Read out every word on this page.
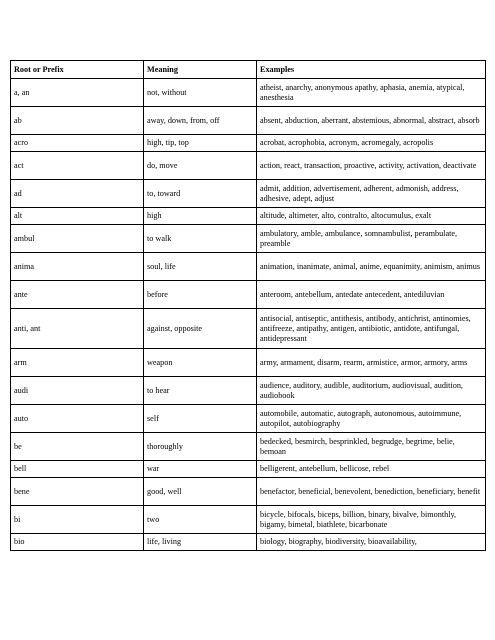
Root or Prefix	Meaning	Examples
a, an	not, without	atheist, anarchy, anonymous apathy, aphasia, anemia, atypical, anesthesia
ab	away, down, from, off	absent, abduction, aberrant, abstemious, abnormal, abstract, absorb
acro	high, tip, top	acrobat, acrophobia, acronym, acromegaly, acropolis
act	do, move	action, react, transaction, proactive, activity, activation, deactivate
ad	to, toward	admit, addition, advertisement, adherent, admonish, address, adhesive, adept, adjust
alt	high	altitude, altimeter, alto, contralto, altocumulus, exalt
ambul	to walk	ambulatory, amble, ambulance, somnambulist, perambulate, preamble
anima	soul, life	animation, inanimate, animal, anime, equanimity, animism, animus
ante	before	anteroom, antebellum, antedate antecedent, antediluvian
anti, ant	against, opposite	antisocial, antiseptic, antithesis, antibody, antichrist, antinomies, antifreeze, antipathy, antigen, antibiotic, antidote, antifungal, antidepressant
arm	weapon	army, armament, disarm, rearm, armistice, armor, armory, arms
audi	to hear	audience, auditory, audible, auditorium, audiovisual, audition, audiobook
auto	self	automobile, automatic, autograph, autonomous, autoimmune, autopilot, autobiography
be	thoroughly	bedecked, besmirch, besprinkled, begrudge, begrime, belie, bemoan
bell	war	belligerent, antebellum, bellicose, rebel
bene	good, well	benefactor, beneficial, benevolent, benediction, beneficiary, benefit
bi	two	bicycle, bifocals, biceps, billion, binary, bivalve, bimonthly, bigamy, bimetal, biathlete, bicarbonate
bio	life, living	biology, biography, biodiversity, bioavailability,
